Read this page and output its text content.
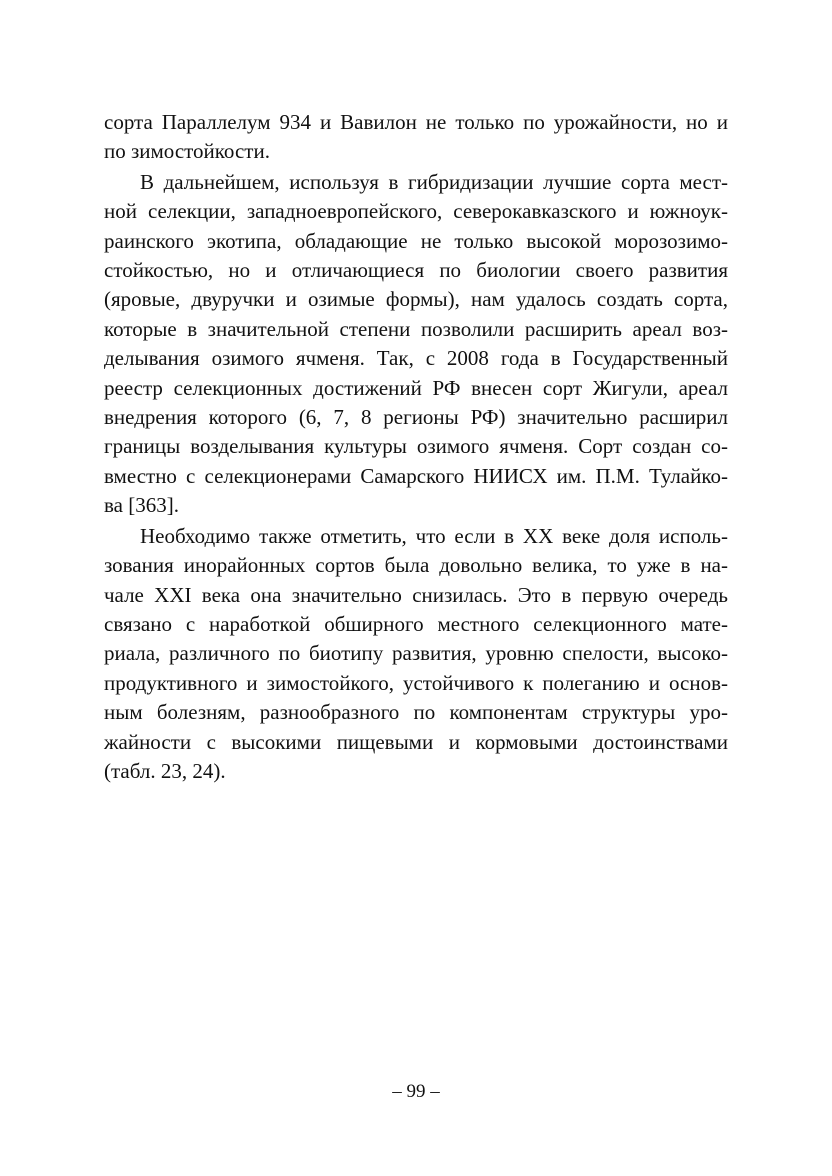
сорта Параллелум 934 и Вавилон не только по урожайности, но и
по зимостойкости.
В дальнейшем, используя в гибридизации лучшие сорта мест-
ной селекции, западноевропейского, северокавказского и южноук-
раинского экотипа, обладающие не только высокой морозозимо-
стойкостью, но и отличающиеся по биологии своего развития
(яровые, двуручки и озимые формы), нам удалось создать сорта,
которые в значительной степени позволили расширить ареал воз-
делывания озимого ячменя. Так, с 2008 года в Государственный
реестр селекционных достижений РФ внесен сорт Жигули, ареал
внедрения которого (6, 7, 8 регионы РФ) значительно расширил
границы возделывания культуры озимого ячменя. Сорт создан со-
вместно с селекционерами Самарского НИИСХ им. П.М. Тулайко-
ва [363].
Необходимо также отметить, что если в XX веке доля исполь-
зования инорайонных сортов была довольно велика, то уже в на-
чале XXI века она значительно снизилась. Это в первую очередь
связано с наработкой обширного местного селекционного мате-
риала, различного по биотипу развития, уровню спелости, высоко-
продуктивного и зимостойкого, устойчивого к полеганию и основ-
ным болезням, разнообразного по компонентам структуры уро-
жайности с высокими пищевыми и кормовыми достоинствами
(табл. 23, 24).
– 99 –
